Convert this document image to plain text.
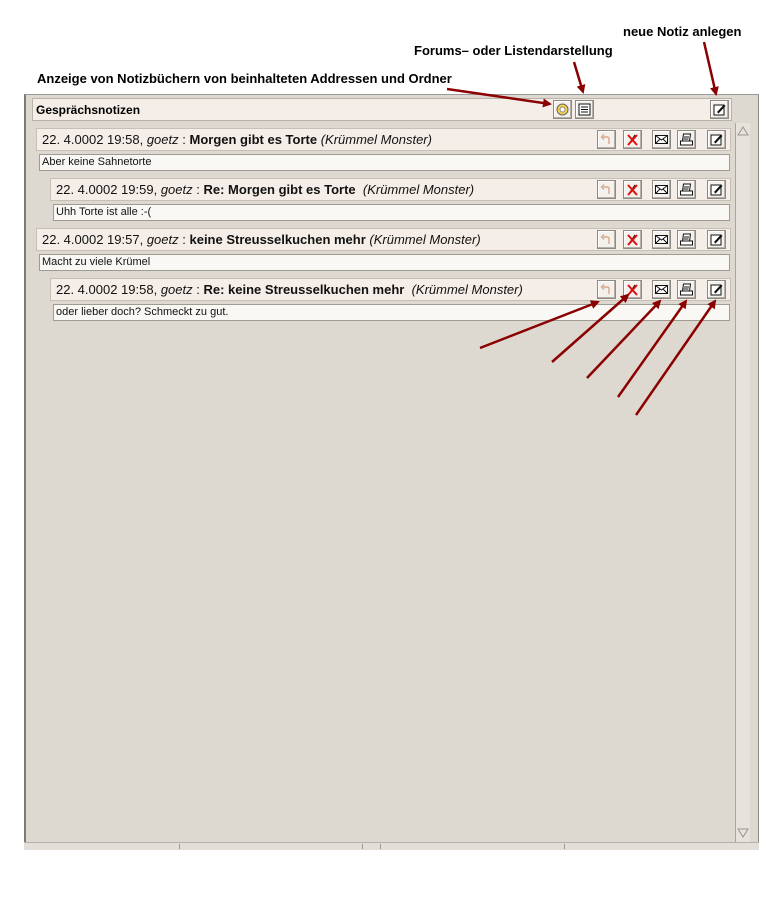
neue Notiz anlegen
Forums– oder Listendarstellung
Anzeige von Notizbüchern von beinhalteten Addressen und Ordner
Gesprächsnotizen
22. 4.0002 19:58, goetz : Morgen gibt es Torte (Krümmel Monster)
Aber keine Sahnetorte
22. 4.0002 19:59, goetz : Re: Morgen gibt es Torte (Krümmel Monster)
Uhh Torte ist alle :-(
22. 4.0002 19:57, goetz : keine Streusselkuchen mehr (Krümmel Monster)
Macht zu viele Krümel
22. 4.0002 19:58, goetz : Re: keine Streusselkuchen mehr (Krümmel Monster)
oder lieber doch? Schmeckt zu gut.
